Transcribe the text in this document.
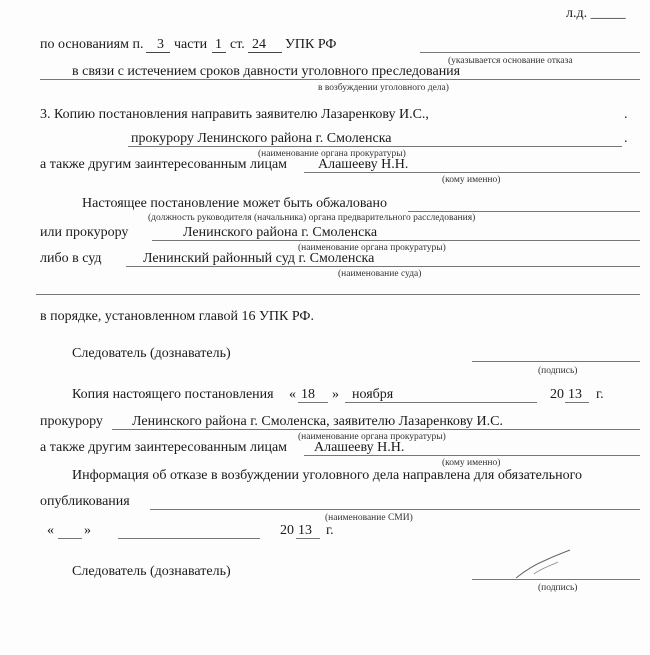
л.д. _____
по основаниям п. 3 части 1 ст. 24 УПК РФ
(указывается основание отказа
в связи с истечением сроков давности уголовного преследования
в возбуждении уголовного дела)
3. Копию постановления направить заявителю Лазаренкову И.С.,	.
прокурору Ленинского района г. Смоленска	.
(наименование органа прокуратуры)
а также другим заинтересованным лицам Алашееву Н.Н.
(кому именно)
Настоящее постановление может быть обжаловано
(должность руководителя (начальника) органа предварительного расследования)
или прокурору	Ленинского района г. Смоленска
(наименование органа прокуратуры)
либо в суд	Ленинский районный суд г. Смоленска
(наименование суда)
в порядке, установленном главой 16 УПК РФ.
Следователь (дознаватель)
(подпись)
Копия настоящего постановления « 18 » ноября	20 13 г.
прокурору Ленинского района г. Смоленска, заявителю Лазаренкову И.С.
(наименование органа прокуратуры)
а также другим заинтересованным лицам Алашееву Н.Н.
(кому именно)
Информация об отказе в возбуждении уголовного дела направлена для обязательного
опубликования
(наименование СМИ)
« »	20 13 г.
Следователь (дознаватель)
(подпись)
